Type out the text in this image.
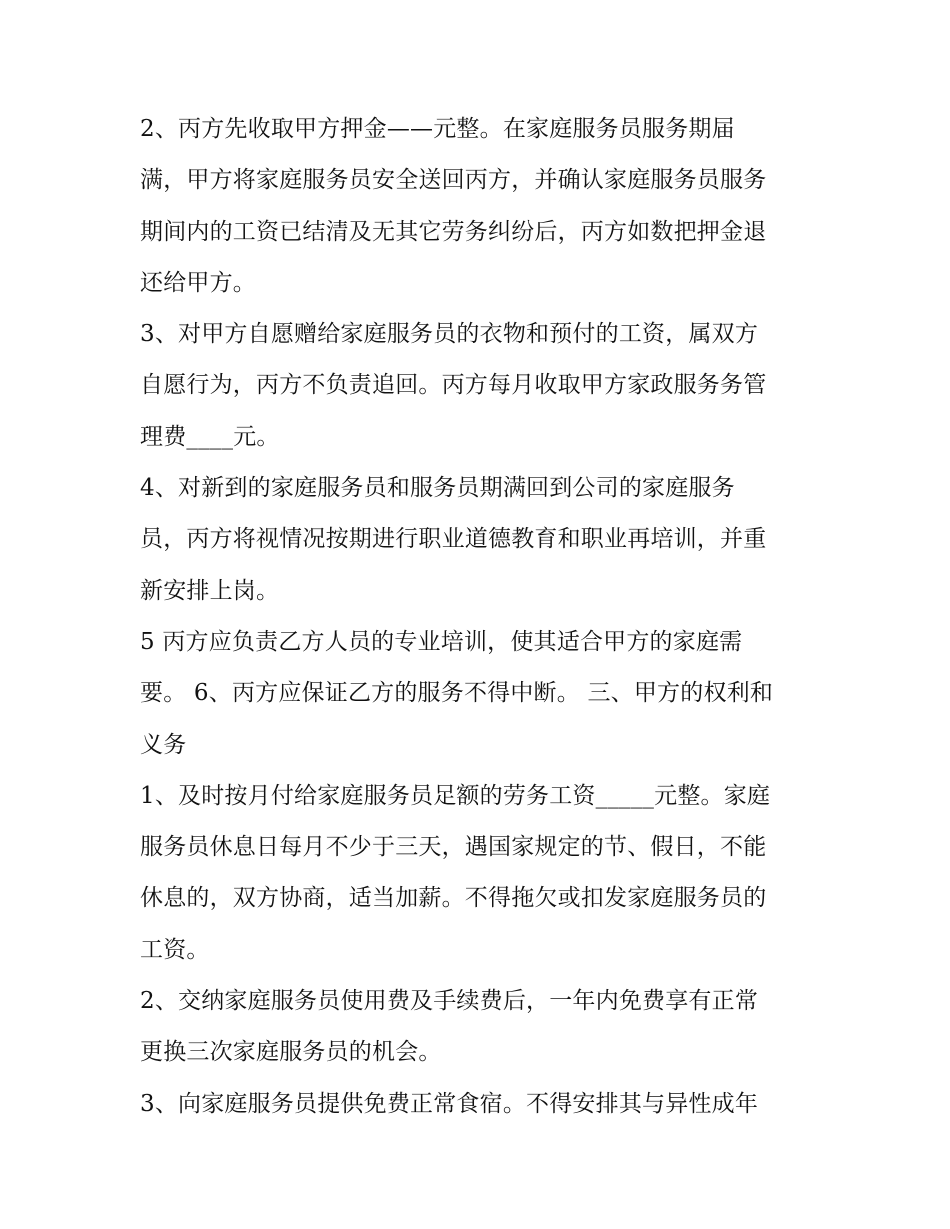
2、丙方先收取甲方押金——元整。在家庭服务员服务期届
满，甲方将家庭服务员安全送回丙方，并确认家庭服务员服务
期间内的工资已结清及无其它劳务纠纷后，丙方如数把押金退
还给甲方。
3、对甲方自愿赠给家庭服务员的衣物和预付的工资，属双方
自愿行为，丙方不负责追回。丙方每月收取甲方家政服务务管
理费____元。
4、对新到的家庭服务员和服务员期满回到公司的家庭服务
员，丙方将视情况按期进行职业道德教育和职业再培训，并重
新安排上岗。
5 丙方应负责乙方人员的专业培训，使其适合甲方的家庭需
要。 6、丙方应保证乙方的服务不得中断。 三、甲方的权利和
义务
1、及时按月付给家庭服务员足额的劳务工资_____元整。家庭
服务员休息日每月不少于三天，遇国家规定的节、假日，不能
休息的，双方协商，适当加薪。不得拖欠或扣发家庭服务员的
工资。
2、交纳家庭服务员使用费及手续费后，一年内免费享有正常
更换三次家庭服务员的机会。
3、向家庭服务员提供免费正常食宿。不得安排其与异性成年
